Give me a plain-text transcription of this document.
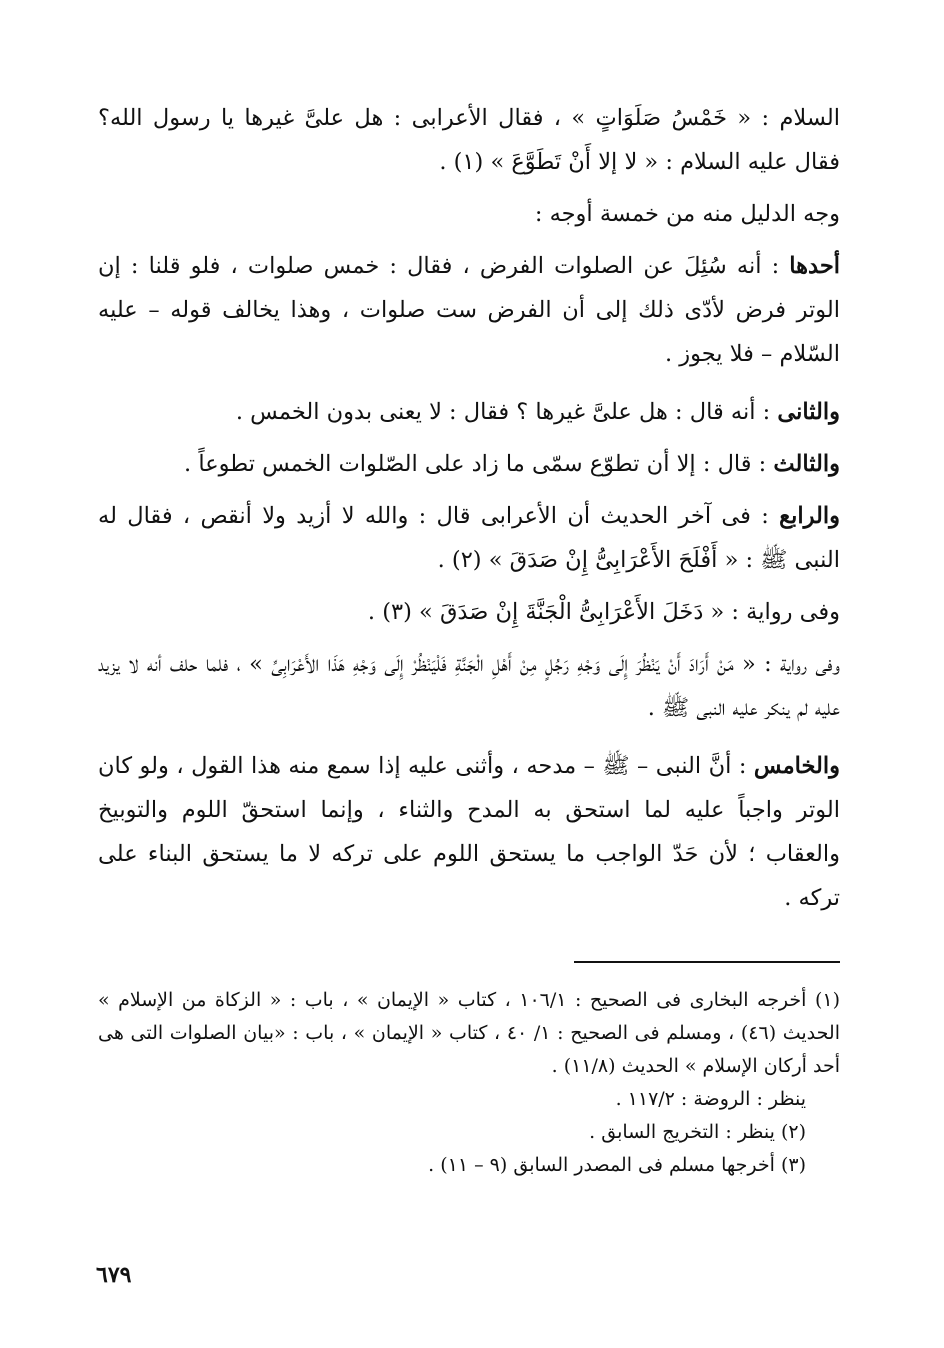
السلام : « خَمْسُ صَلَوَاتٍ » ، فقال الأعرابى : هل علىَّ غيرها يا رسول الله؟ فقال عليه السلام : « لا إلا أَنْ تَطَوَّعَ » (١) .

وجه الدليل منه من خمسة أوجه :

أحدها : أنه سُئِلَ عن الصلوات الفرض ، فقال : خمس صلوات ، فلو قلنا : إن الوتر فرض لأدّى ذلك إلى أن الفرض ست صلوات ، وهذا يخالف قوله – عليه السّلام – فلا يجوز .

والثانى : أنه قال : هل علىَّ غيرها ؟ فقال : لا يعنى بدون الخمس .

والثالث : قال : إلا أن تطوّع سمّى ما زاد على الصّلوات الخمس تطوعاً .

والرابع : فى آخر الحديث أن الأعرابى قال : والله لا أزيد ولا أنقص ، فقال له النبى ﷺ : « أَفْلَحَ الأَعْرَابِىُّ إِنْ صَدَقَ » (٢) .

وفى رواية : « دَخَلَ الأَعْرَابِىُّ الْجَنَّةَ إِنْ صَدَقَ » (٣) .

وفى رواية : « مَنْ أَرَادَ أَنْ يَنْظُرَ إِلَى وَجْهِ رَجُلٍ مِنْ أَهْلِ الْجَنَّةِ فَلْيَنْظُرْ إِلَى وَجْهِ هَذَا الأَعْرَابِىِّ » ، فلما حلف أنه لا يزيد عليه لم ينكر عليه النبى ﷺ .

والخامس : أنَّ النبى – ﷺ – مدحه ، وأثنى عليه إذا سمع منه هذا القول ، ولو كان الوتر واجباً عليه لما استحق به المدح والثناء ، وإنما استحقّ اللوم والتوبيخ والعقاب ؛ لأن حَدّ الواجب ما يستحق اللوم على تركه لا ما يستحق البناء على تركه .

(١) أخرجه البخارى فى الصحيح : ١٠٦/١ ، كتاب « الإيمان » ، باب : « الزكاة من الإسلام » الحديث (٤٦) ، ومسلم فى الصحيح : ١/ ٤٠ ، كتاب « الإيمان » ، باب : «بيان الصلوات التى هى أحد أركان الإسلام » الحديث (١١/٨) .

ينظر : الروضة : ١١٧/٢ .

(٢) ينظر : التخريج السابق .

(٣) أخرجها مسلم فى المصدر السابق (٩ – ١١) .

٦٧٩
